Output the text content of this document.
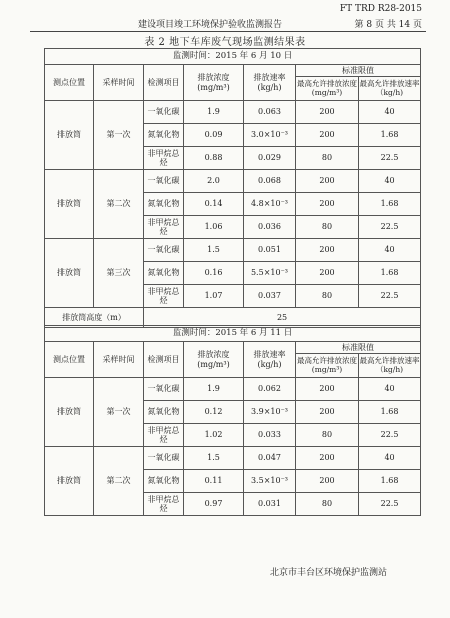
FT TRD R28-2015
建设项目竣工环境保护验收监测报告	第 8 页 共 14 页
表 2 地下车库废气现场监测结果表
监测时间：2015 年 6 月 10 日						
测点位置	采样时间	检测项目	排放浓度(mg/m³)	排放速率(kg/h)	标准限值	
					最高允许排放浓度(mg/m³)	最高允许排放速率（kg/h)
排放筒	第一次	一氧化碳	1.9	0.063	200	40
		氮氧化物	0.09	3.0×10⁻³	200	1.68
		非甲烷总烃	0.88	0.029	80	22.5
排放筒	第二次	一氧化碳	2.0	0.068	200	40
		氮氧化物	0.14	4.8×10⁻³	200	1.68
		非甲烷总烃	1.06	0.036	80	22.5
排放筒	第三次	一氧化碳	1.5	0.051	200	40
		氮氧化物	0.16	5.5×10⁻³	200	1.68
		非甲烷总烃	1.07	0.037	80	22.5
排放筒高度（m）		25				
监测时间：2015 年 6 月 11 日						
测点位置	采样时间	检测项目	排放浓度(mg/m³)	排放速率(kg/h)	标准限值	
					最高允许排放浓度(mg/m³)	最高允许排放速率（kg/h)
排放筒	第一次	一氧化碳	1.9	0.062	200	40
		氮氧化物	0.12	3.9×10⁻³	200	1.68
		非甲烷总烃	1.02	0.033	80	22.5
排放筒	第二次	一氧化碳	1.5	0.047	200	40
		氮氧化物	0.11	3.5×10⁻³	200	1.68
		非甲烷总烃	0.97	0.031	80	22.5
北京市丰台区环境保护监测站
